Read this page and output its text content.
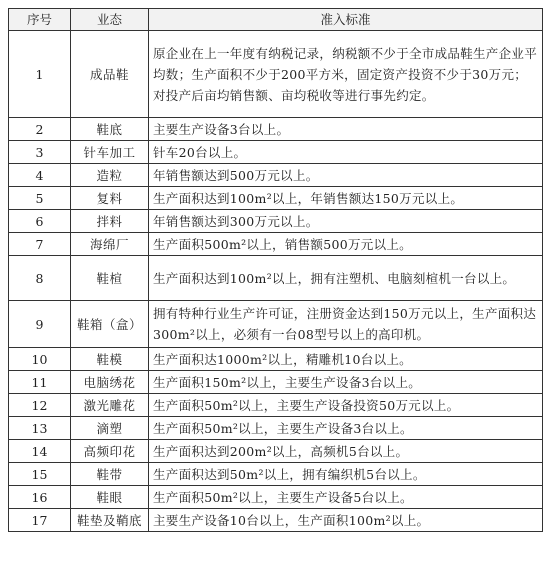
序号	业态	准入标准
1	成品鞋	原企业在上一年度有纳税记录，纳税额不少于全市成品鞋生产企业平均数；生产面积不少于200平方米，固定资产投资不少于30万元；对投产后亩均销售额、亩均税收等进行事先约定。
2	鞋底	主要生产设备3台以上。
3	针车加工	针车20台以上。
4	造粒	年销售额达到500万元以上。
5	复料	生产面积达到100m²以上，年销售额达150万元以上。
6	拌料	年销售额达到300万元以上。
7	海绵厂	生产面积500m²以上，销售额500万元以上。
8	鞋楦	生产面积达到100m²以上，拥有注塑机、电脑刻楦机一台以上。
9	鞋箱（盒）	拥有特种行业生产许可证，注册资金达到150万元以上，生产面积达300m²以上，必须有一台08型号以上的高印机。
10	鞋模	生产面积达1000m²以上，精雕机10台以上。
11	电脑绣花	生产面积150m²以上，主要生产设备3台以上。
12	激光雕花	生产面积50m²以上，主要生产设备投资50万元以上。
13	滴塑	生产面积50m²以上，主要生产设备3台以上。
14	高频印花	生产面积达到200m²以上，高频机5台以上。
15	鞋带	生产面积达到50m²以上，拥有编织机5台以上。
16	鞋眼	生产面积50m²以上，主要生产设备5台以上。
17	鞋垫及鞘底	主要生产设备10台以上，生产面积100m²以上。
